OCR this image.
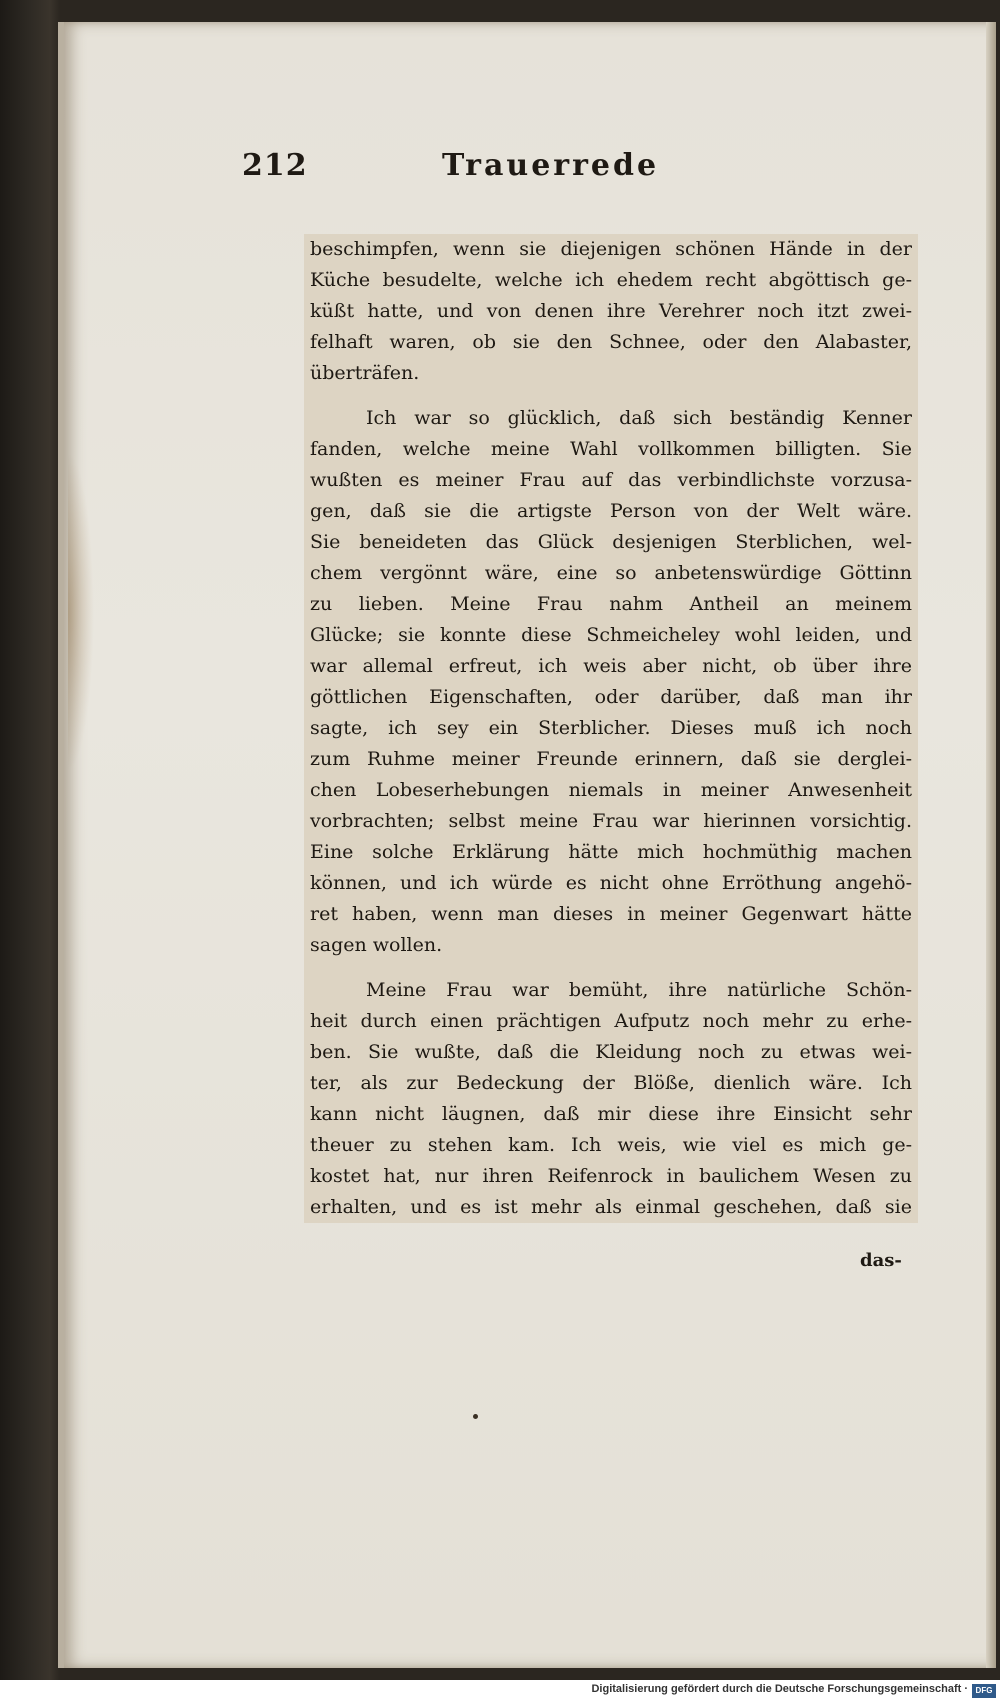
212	Trauerrede
beschimpfen, wenn sie diejenigen schönen Hände in der
Küche besudelte, welche ich ehedem recht abgöttisch ge-
küßt hatte, und von denen ihre Verehrer noch itzt zwei-
felhaft waren, ob sie den Schnee, oder den Alabaster,
überträfen.
Ich war so glücklich, daß sich beständig Kenner
fanden, welche meine Wahl vollkommen billigten. Sie
wußten es meiner Frau auf das verbindlichste vorzusa-
gen, daß sie die artigste Person von der Welt wäre.
Sie beneideten das Glück desjenigen Sterblichen, wel-
chem vergönnt wäre, eine so anbetenswürdige Göttinn
zu lieben. Meine Frau nahm Antheil an meinem
Glücke; sie konnte diese Schmeicheley wohl leiden, und
war allemal erfreut, ich weis aber nicht, ob über ihre
göttlichen Eigenschaften, oder darüber, daß man ihr
sagte, ich sey ein Sterblicher. Dieses muß ich noch
zum Ruhme meiner Freunde erinnern, daß sie derglei-
chen Lobeserhebungen niemals in meiner Anwesenheit
vorbrachten; selbst meine Frau war hierinnen vorsichtig.
Eine solche Erklärung hätte mich hochmüthig machen
können, und ich würde es nicht ohne Erröthung angehö-
ret haben, wenn man dieses in meiner Gegenwart hätte
sagen wollen.
Meine Frau war bemüht, ihre natürliche Schön-
heit durch einen prächtigen Aufputz noch mehr zu erhe-
ben. Sie wußte, daß die Kleidung noch zu etwas wei-
ter, als zur Bedeckung der Blöße, dienlich wäre. Ich
kann nicht läugnen, daß mir diese ihre Einsicht sehr
theuer zu stehen kam. Ich weis, wie viel es mich ge-
kostet hat, nur ihren Reifenrock in baulichem Wesen zu
erhalten, und es ist mehr als einmal geschehen, daß sie
das-
Digitalisierung gefördert durch die Deutsche Forschungsgemeinschaft · DFG
